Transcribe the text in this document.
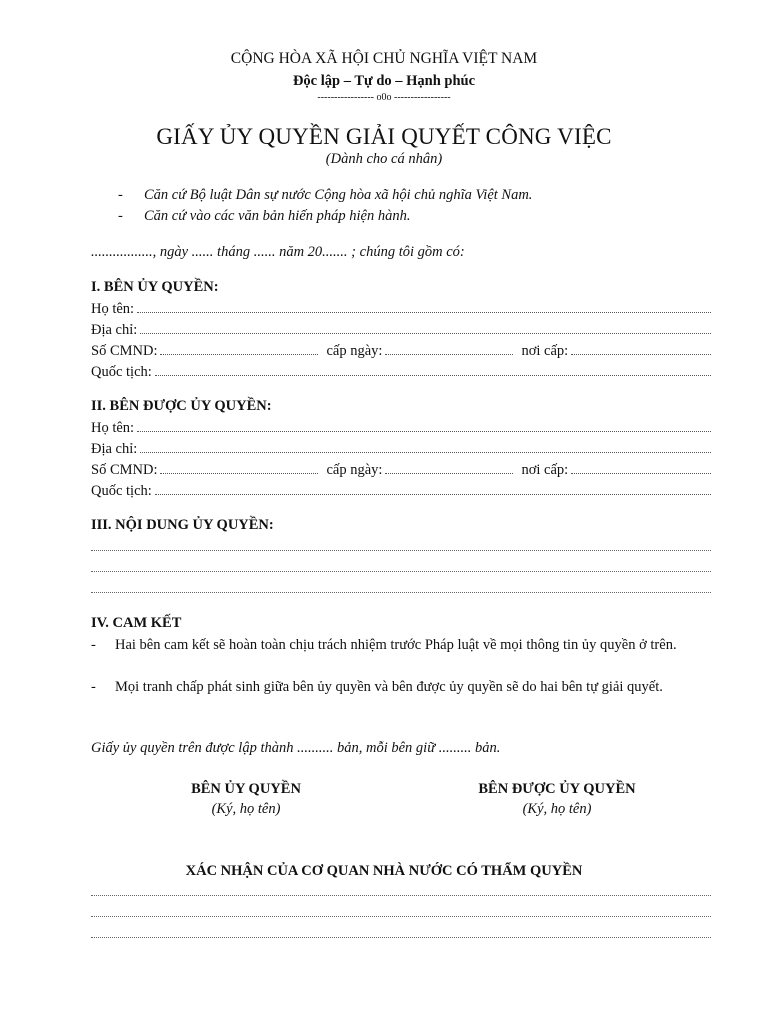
CỘNG HÒA XÃ HỘI CHỦ NGHĨA VIỆT NAM
Độc lập – Tự do – Hạnh phúc
----------------- o0o -----------------
GIẤY ỦY QUYỀN GIẢI QUYẾT CÔNG VIỆC
(Dành cho cá nhân)
- Căn cứ Bộ luật Dân sự nước Cộng hòa xã hội chủ nghĩa Việt Nam.
- Căn cứ vào các văn bản hiến pháp hiện hành.
................., ngày ...... tháng ...... năm 20....... ; chúng tôi gồm có:
I. BÊN ỦY QUYỀN:
Họ tên:
Địa chỉ:
Số CMND:	cấp ngày:	nơi cấp:
Quốc tịch:
II. BÊN ĐƯỢC ỦY QUYỀN:
Họ tên:
Địa chỉ:
Số CMND:	cấp ngày:	nơi cấp:
Quốc tịch:
III. NỘI DUNG ỦY QUYỀN:
IV. CAM KẾT
-	Hai bên cam kết sẽ hoàn toàn chịu trách nhiệm trước Pháp luật về mọi thông tin ủy quyền ở trên.
-	Mọi tranh chấp phát sinh giữa bên ủy quyền và bên được ủy quyền sẽ do hai bên tự giải quyết.
Giấy ủy quyền trên được lập thành .......... bản, mỗi bên giữ ......... bản.
BÊN ỦY QUYỀN
(Ký, họ tên)
BÊN ĐƯỢC ỦY QUYỀN
(Ký, họ tên)
XÁC NHẬN CỦA CƠ QUAN NHÀ NƯỚC CÓ THẨM QUYỀN
